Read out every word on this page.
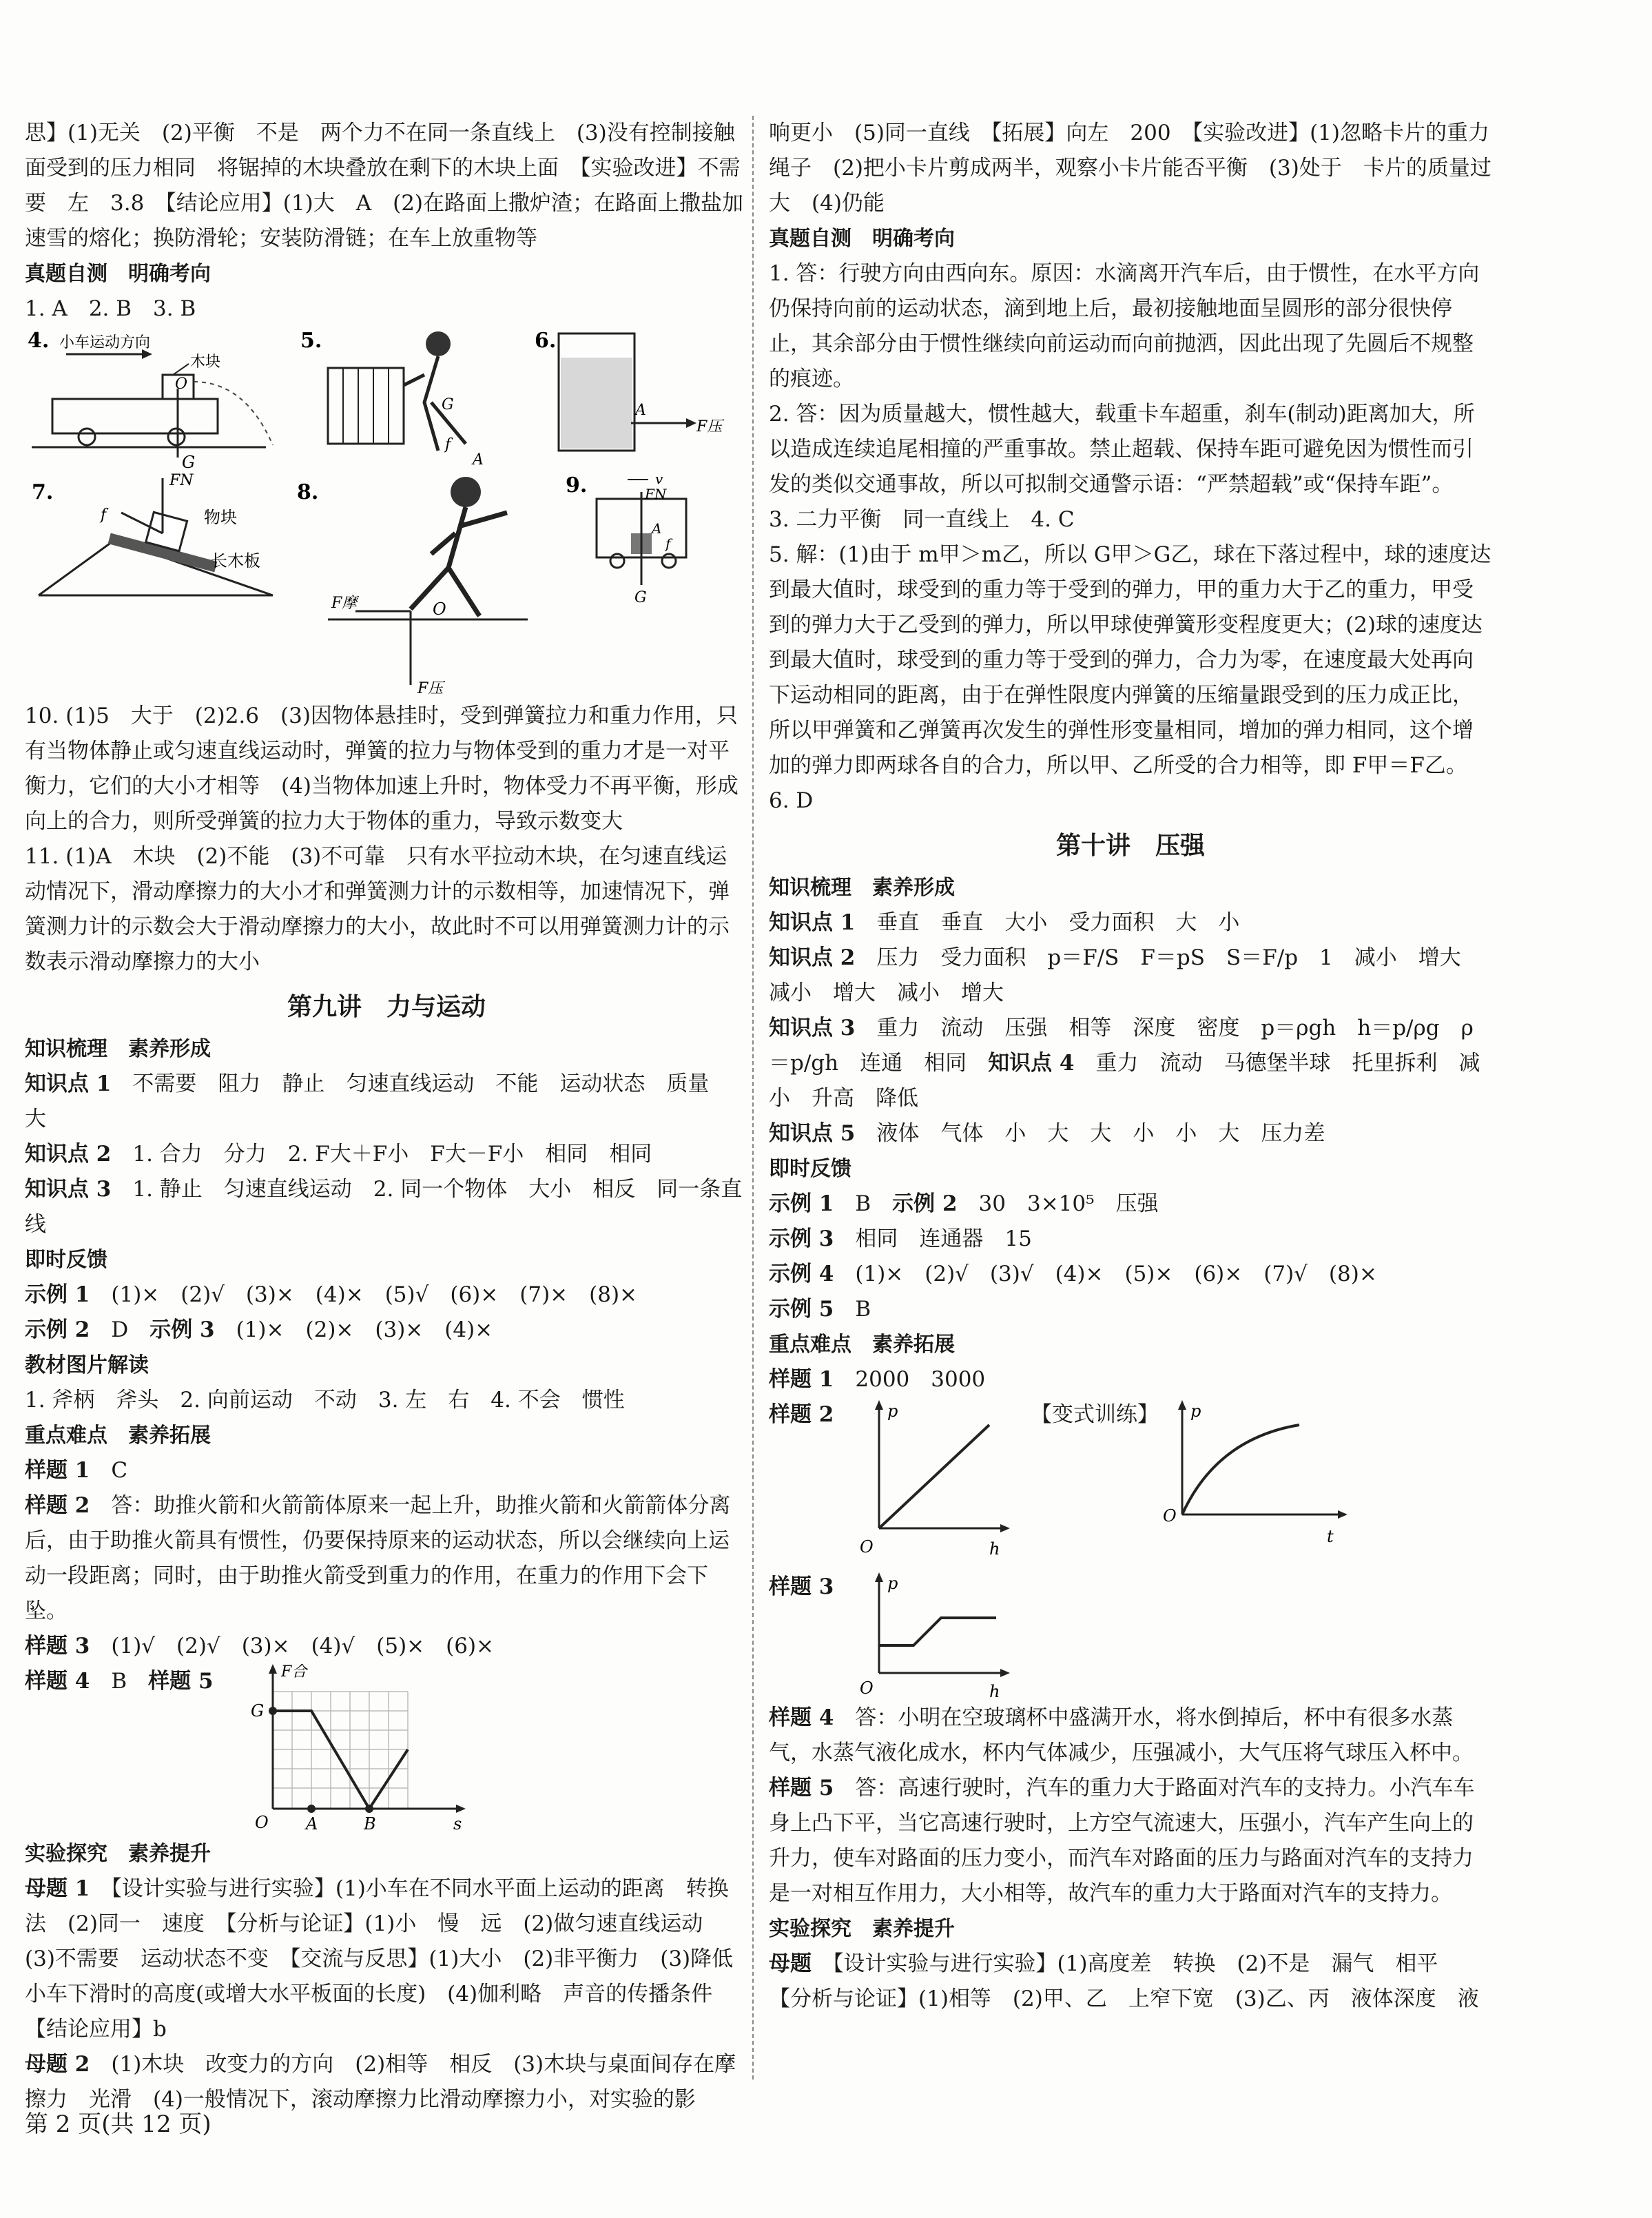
思】(1)无关　(2)平衡　不是　两个力不在同一条直线上　(3)没有控制接触面受到的压力相同　将锯掉的木块叠放在剩下的木块上面　【实验改进】不需要　左　3.8　【结论应用】(1)大　A　(2)在路面上撒炉渣；在路面上撒盐加速雪的熔化；换防滑轮；安装防滑链；在车上放重物等

真题自测　明确考向

1. A　2. B　3. B

4. 小车运动方向
木块
O
G
5.
G
f
A
6.
A
F压
7.	FN
f	物块
长木板
8.
F摩	O
F压
9.	v
FN
A
f
G

10. (1)5　大于　(2)2.6　(3)因物体悬挂时，受到弹簧拉力和重力作用，只有当物体静止或匀速直线运动时，弹簧的拉力与物体受到的重力才是一对平衡力，它们的大小才相等　(4)当物体加速上升时，物体受力不再平衡，形成向上的合力，则所受弹簧的拉力大于物体的重力，导致示数变大

11. (1)A　木块　(2)不能　(3)不可靠　只有水平拉动木块，在匀速直线运动情况下，滑动摩擦力的大小才和弹簧测力计的示数相等，加速情况下，弹簧测力计的示数会大于滑动摩擦力的大小，故此时不可以用弹簧测力计的示数表示滑动摩擦力的大小

第九讲　力与运动

知识梳理　素养形成

知识点 1　 不需要　阻力　静止　匀速直线运动　不能　运动状态　质量　大

知识点 2　 1. 合力　分力　2. F大＋F小　F大－F小　相同　相同

知识点 3　 1. 静止　匀速直线运动　2. 同一个物体　大小　相反　同一条直线

即时反馈

示例 1　 (1)×　(2)√　(3)×　(4)×　(5)√　(6)×　(7)×　(8)×

示例 2　 D　 示例 3　 (1)×　(2)×　(3)×　(4)×

教材图片解读

1. 斧柄　斧头　2. 向前运动　不动　3. 左　右　4. 不会　惯性

重点难点　素养拓展

样题 1　 C

样题 2　 答：助推火箭和火箭箭体原来一起上升，助推火箭和火箭箭体分离后，由于助推火箭具有惯性，仍要保持原来的运动状态，所以会继续向上运动一段距离；同时，由于助推火箭受到重力的作用，在重力的作用下会下坠。

样题 3　 (1)√　(2)√　(3)×　(4)√　(5)×　(6)×

样题 4　 B　 样题 5	F合
G
O A	B	s

实验探究　素养提升

母题 1　 【设计实验与进行实验】(1)小车在不同水平面上运动的距离　转换法　(2)同一　速度　【分析与论证】(1)小　慢　远　(2)做匀速直线运动　(3)不需要　运动状态不变　【交流与反思】(1)大小　(2)非平衡力　(3)降低小车下滑时的高度(或增大水平板面的长度)　(4)伽利略　声音的传播条件　【结论应用】b

母题 2　 (1)木块　改变力的方向　(2)相等　相反　(3)木块与桌面间存在摩擦力　光滑　(4)一般情况下，滚动摩擦力比滑动摩擦力小，对实验的影

响更小　(5)同一直线　【拓展】向左　200　【实验改进】(1)忽略卡片的重力　绳子　(2)把小卡片剪成两半，观察小卡片能否平衡　(3)处于　卡片的质量过大　(4)仍能

真题自测　明确考向

1. 答：行驶方向由西向东。原因：水滴离开汽车后，由于惯性，在水平方向仍保持向前的运动状态，滴到地上后，最初接触地面呈圆形的部分很快停止，其余部分由于惯性继续向前运动而向前抛洒，因此出现了先圆后不规整的痕迹。

2. 答：因为质量越大，惯性越大，载重卡车超重，刹车(制动)距离加大，所以造成连续追尾相撞的严重事故。禁止超载、保持车距可避免因为惯性而引发的类似交通事故，所以可拟制交通警示语：“严禁超载”或“保持车距”。

3. 二力平衡　同一直线上　4. C

5. 解：(1)由于 m甲＞m乙，所以 G甲＞G乙，球在下落过程中，球的速度达到最大值时，球受到的重力等于受到的弹力，甲的重力大于乙的重力，甲受到的弹力大于乙受到的弹力，所以甲球使弹簧形变程度更大；(2)球的速度达到最大值时，球受到的重力等于受到的弹力，合力为零，在速度最大处再向下运动相同的距离，由于在弹性限度内弹簧的压缩量跟受到的压力成正比，所以甲弹簧和乙弹簧再次发生的弹性形变量相同，增加的弹力相同，这个增加的弹力即两球各自的合力，所以甲、乙所受的合力相等，即 F甲＝F乙。

6. D

第十讲　压强

知识梳理　素养形成

知识点 1　 垂直　垂直　大小　受力面积　大　小

知识点 2　 压力　受力面积　p＝F/S　F＝pS　S＝F/p　1　减小　增大　减小　增大　减小　增大

知识点 3　 重力　流动　压强　相等　深度　密度　p＝ρgh　h＝p/ρg　ρ＝p/gh　连通　相同　 知识点 4　 重力　流动　马德堡半球　托里拆利　减小　升高　降低

知识点 5　 液体　气体　小　大　大　小　小　大　压力差

即时反馈

示例 1　 B　 示例 2　 30　3×10⁵　压强

示例 3　 相同　连通器　15

示例 4　 (1)×　(2)√　(3)√　(4)×　(5)×　(6)×　(7)√　(8)×

示例 5　 B

重点难点　素养拓展

样题 1　 2000　3000

样题 2	p
O	h

【变式训练】 p
O
t

样题 3	p
O	h

样题 4　 答：小明在空玻璃杯中盛满开水，将水倒掉后，杯中有很多水蒸气，水蒸气液化成水，杯内气体减少，压强减小，大气压将气球压入杯中。

样题 5　 答：高速行驶时，汽车的重力大于路面对汽车的支持力。小汽车车身上凸下平，当它高速行驶时，上方空气流速大，压强小，汽车产生向上的升力，使车对路面的压力变小，而汽车对路面的压力与路面对汽车的支持力是一对相互作用力，大小相等，故汽车的重力大于路面对汽车的支持力。

实验探究　素养提升

母题　 【设计实验与进行实验】(1)高度差　转换　(2)不是　漏气　相平

【分析与论证】(1)相等　(2)甲、乙　上窄下宽　(3)乙、丙　液体深度　液

第 2 页(共 12 页)
